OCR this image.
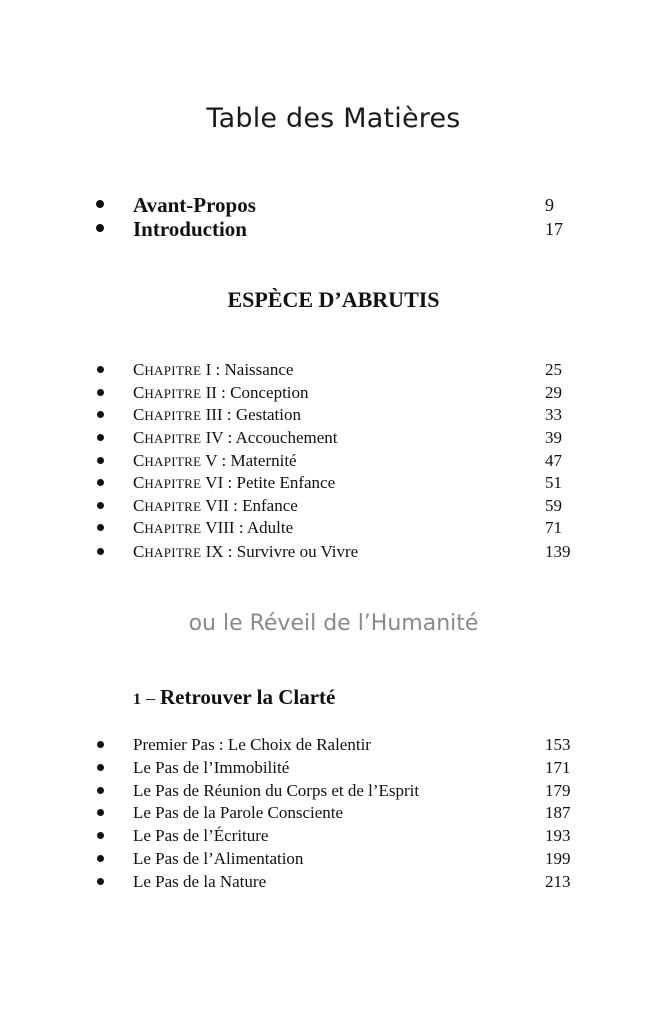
Table des Matières
Avant-Propos	9
Introduction	17
ESPÈCE D’ABRUTIS
CHAPITRE I : Naissance	25
CHAPITRE II : Conception	29
CHAPITRE III : Gestation	33
CHAPITRE IV : Accouchement	39
CHAPITRE V : Maternité	47
CHAPITRE VI : Petite Enfance	51
CHAPITRE VII : Enfance	59
CHAPITRE VIII : Adulte	71
CHAPITRE IX : Survivre ou Vivre	139
ou le Réveil de l’Humanité
1 – Retrouver la Clarté
Premier Pas : Le Choix de Ralentir	153
Le Pas de l’Immobilité	171
Le Pas de Réunion du Corps et de l’Esprit	179
Le Pas de la Parole Consciente	187
Le Pas de l’Écriture	193
Le Pas de l’Alimentation	199
Le Pas de la Nature	213
